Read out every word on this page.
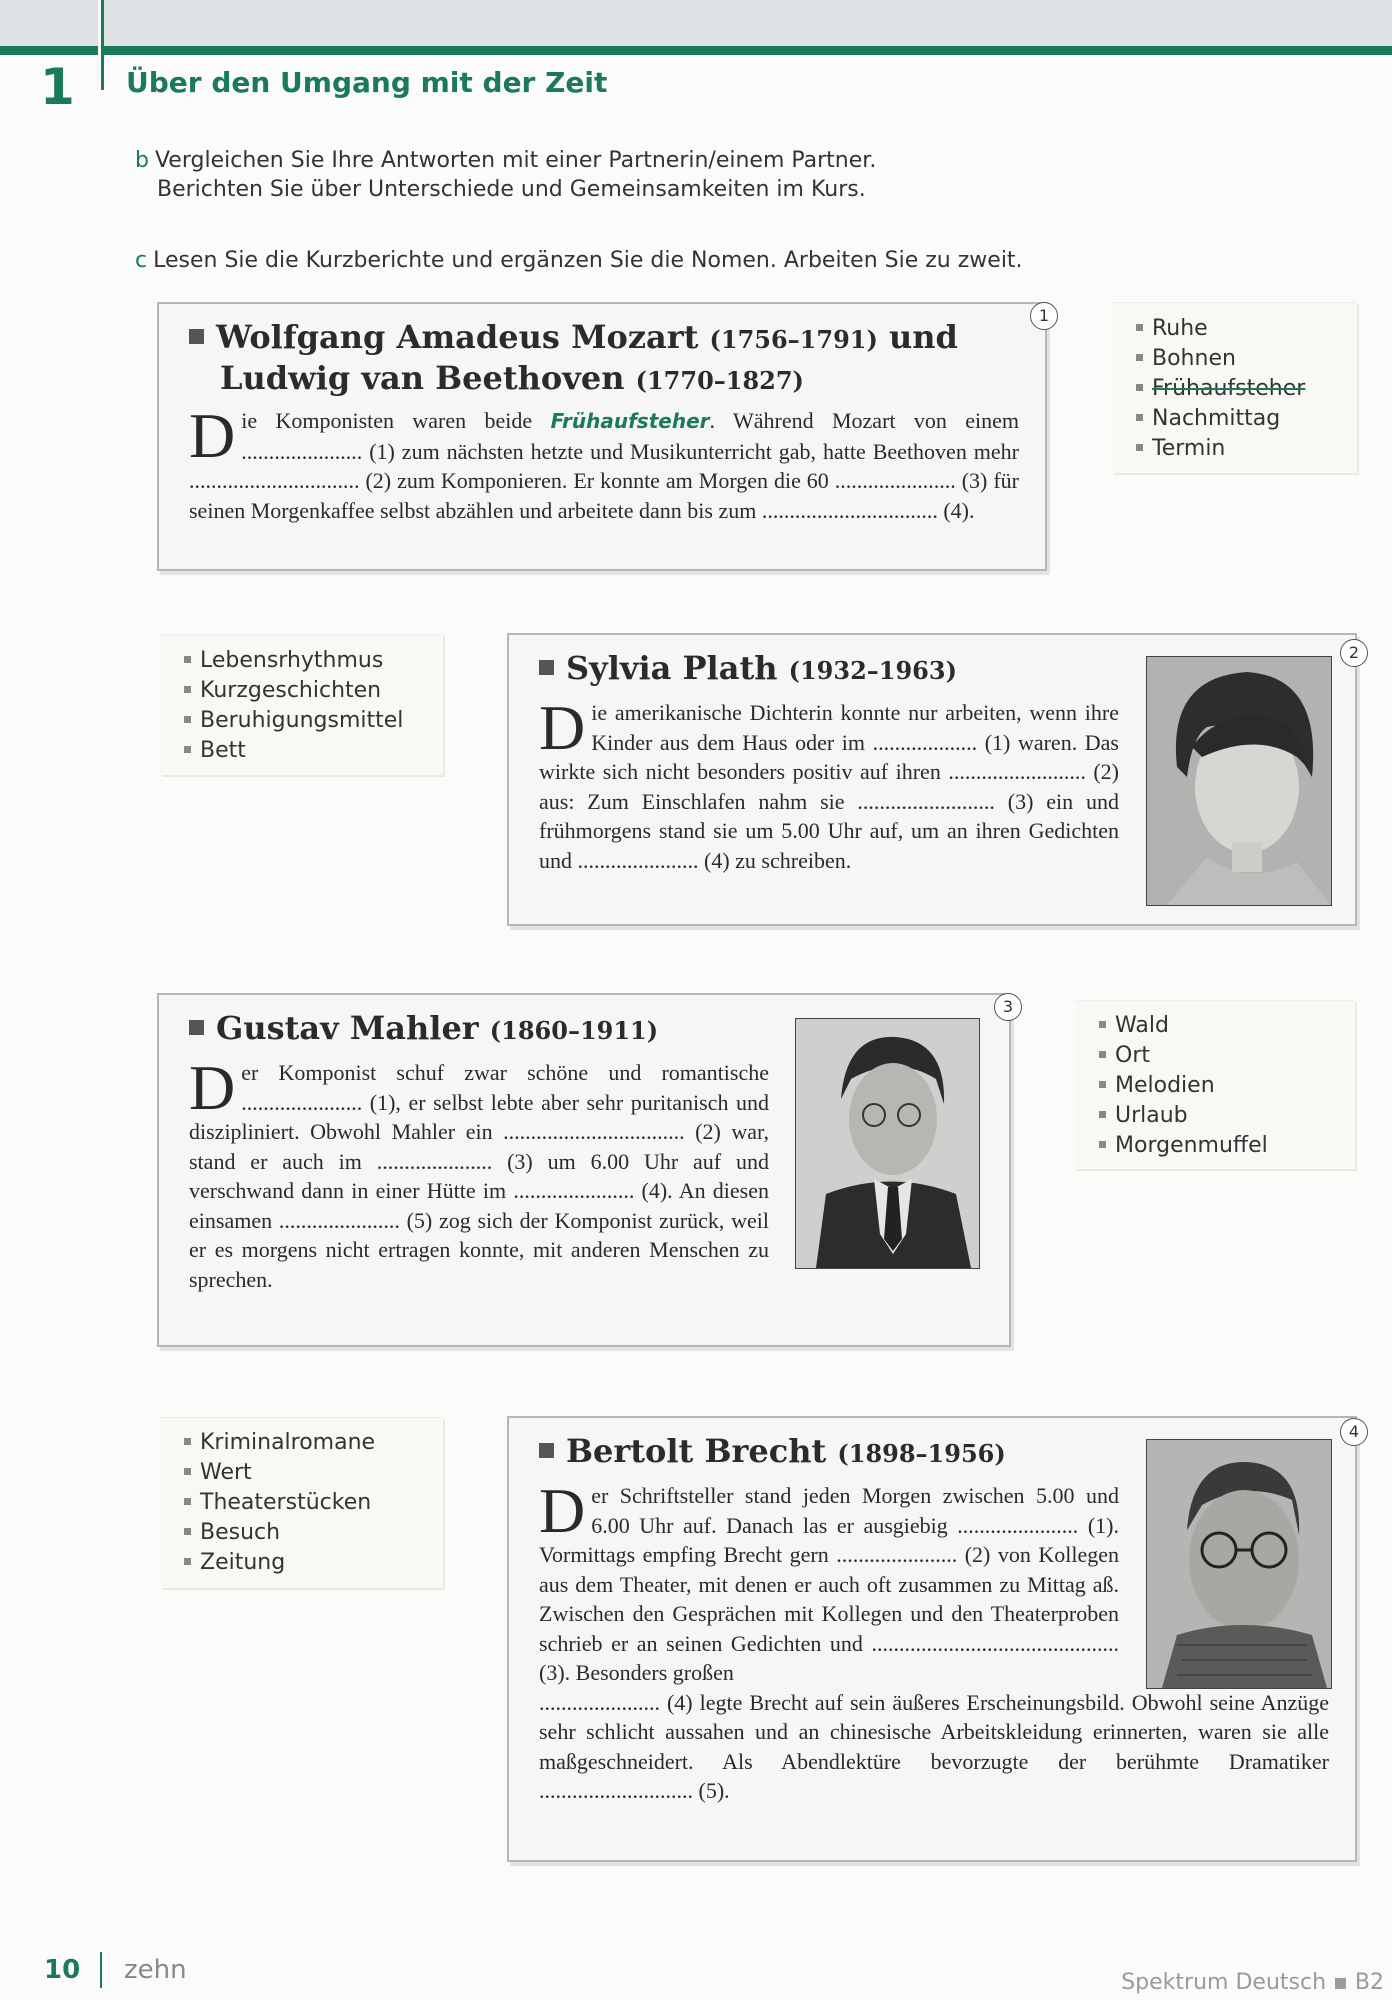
1 Über den Umgang mit der Zeit
b Vergleichen Sie Ihre Antworten mit einer Partnerin/einem Partner.
Berichten Sie über Unterschiede und Gemeinsamkeiten im Kurs.
c Lesen Sie die Kurzberichte und ergänzen Sie die Nomen. Arbeiten Sie zu zweit.
1
Wolfgang Amadeus Mozart (1756–1791) und
Ludwig van Beethoven (1770–1827)
Die Komponisten waren beide Frühaufsteher. Während Mozart von einem ...................... (1) zum nächsten hetzte und Musikunterricht gab, hatte Beethoven mehr ............................... (2) zum Komponieren. Er konnte am Morgen die 60 ...................... (3) für seinen Morgenkaffee selbst abzählen und arbeitete dann bis zum ................................ (4).
Ruhe
Bohnen
Frühaufsteher
Nachmittag
Termin
Lebensrhythmus
Kurzgeschichten
Beruhigungsmittel
Bett
2
Sylvia Plath (1932–1963)
Die amerikanische Dichterin konnte nur arbeiten, wenn ihre Kinder aus dem Haus oder im ................... (1) waren. Das wirkte sich nicht besonders positiv auf ihren ......................... (2) aus: Zum Einschlafen nahm sie ......................... (3) ein und frühmorgens stand sie um 5.00 Uhr auf, um an ihren Gedichten und ...................... (4) zu schreiben.
3
Gustav Mahler (1860–1911)
Der Komponist schuf zwar schöne und romantische ...................... (1), er selbst lebte aber sehr puritanisch und diszipliniert. Obwohl Mahler ein ................................. (2) war, stand er auch im ..................... (3) um 6.00 Uhr auf und verschwand dann in einer Hütte im ...................... (4). An diesen einsamen ...................... (5) zog sich der Komponist zurück, weil er es morgens nicht ertragen konnte, mit anderen Menschen zu sprechen.
Wald
Ort
Melodien
Urlaub
Morgenmuffel
Kriminalromane
Wert
Theaterstücken
Besuch
Zeitung
4
Bertolt Brecht (1898–1956)
Der Schriftsteller stand jeden Morgen zwischen 5.00 und 6.00 Uhr auf. Danach las er ausgiebig ...................... (1). Vormittags empfing Brecht gern ...................... (2) von Kollegen aus dem Theater, mit denen er auch oft zusammen zu Mittag aß. Zwischen den Gesprächen mit Kollegen und den Theaterproben schrieb er an seinen Gedichten und ............................................. (3). Besonders großen
...................... (4) legte Brecht auf sein äußeres Erscheinungsbild. Obwohl seine Anzüge sehr schlicht aussahen und an chinesische Arbeitskleidung erinnerten, waren sie alle maßgeschneidert. Als Abendlektüre bevorzugte der berühmte Dramatiker ............................ (5).
10 zehn	Spektrum Deutsch ▪ B2
